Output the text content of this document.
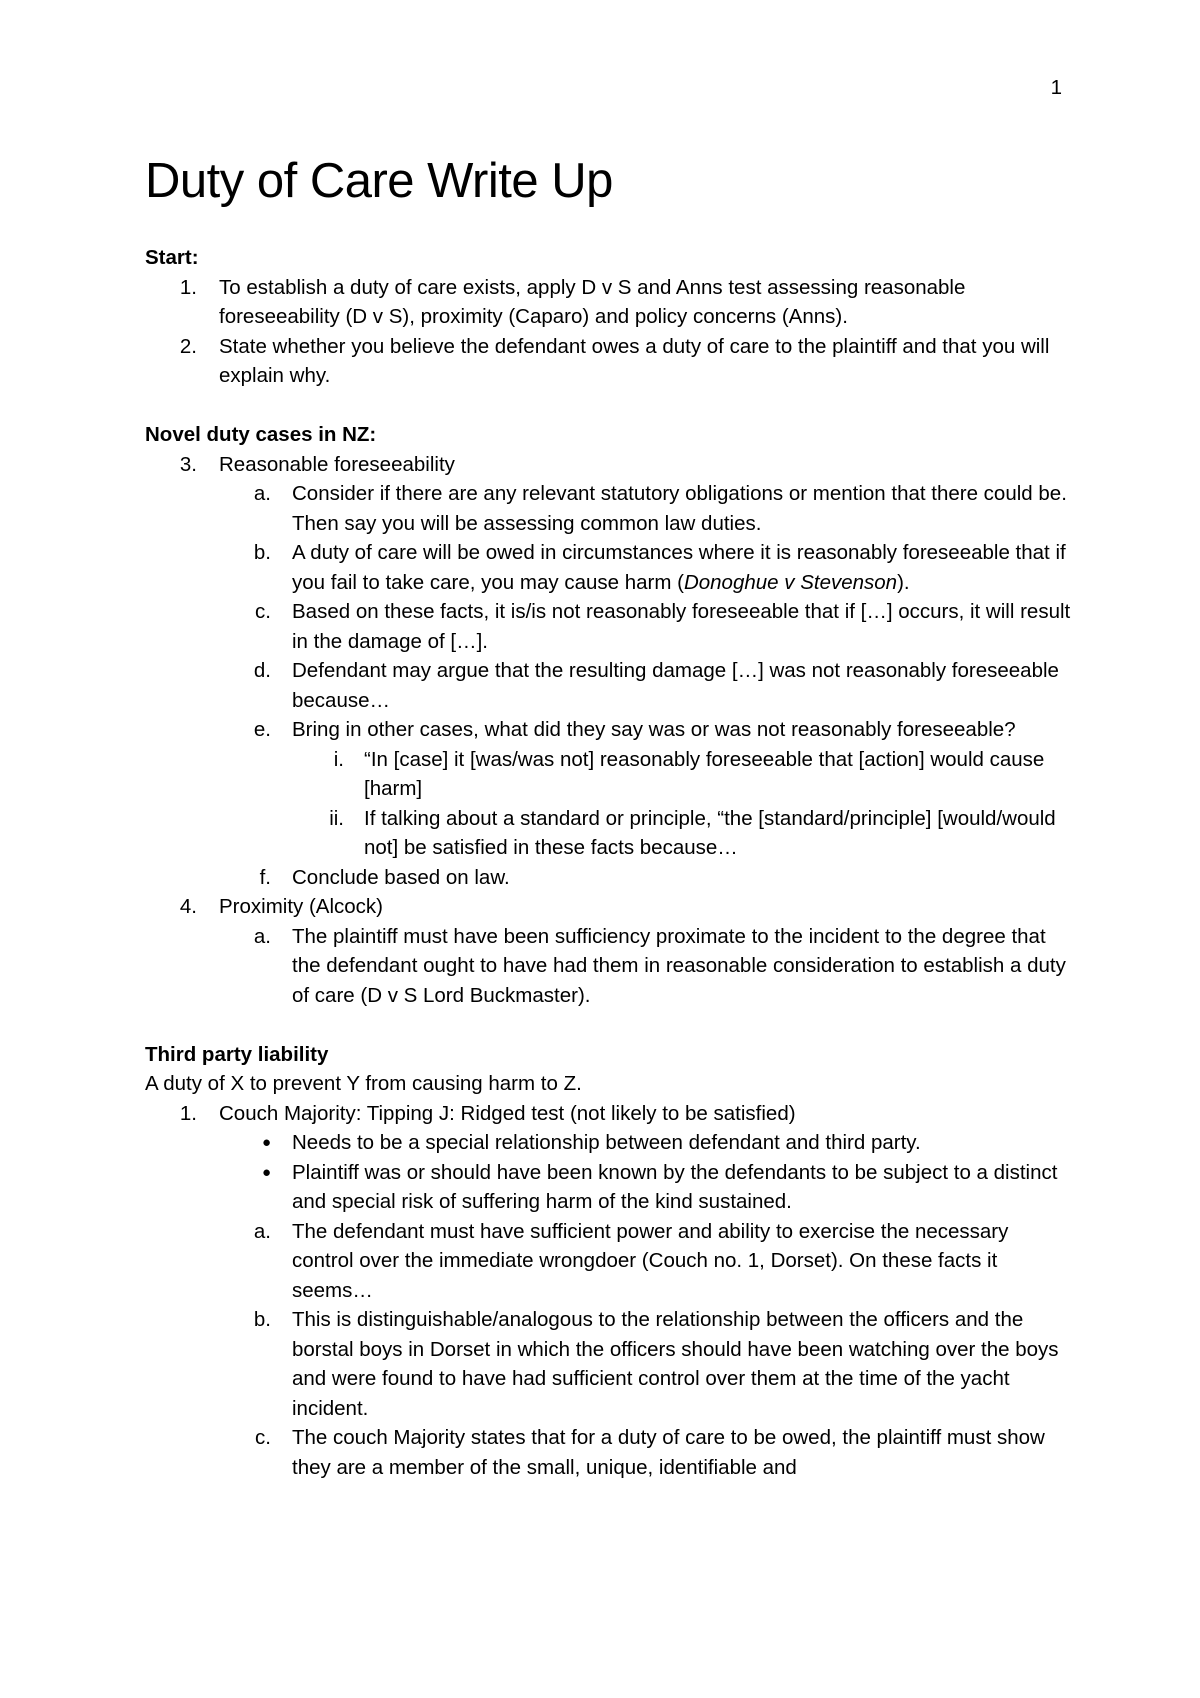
1
Duty of Care Write Up
Start:
1. To establish a duty of care exists, apply D v S and Anns test assessing reasonable foreseeability (D v S), proximity (Caparo) and policy concerns (Anns).
2. State whether you believe the defendant owes a duty of care to the plaintiff and that you will explain why.
Novel duty cases in NZ:
3. Reasonable foreseeability
a. Consider if there are any relevant statutory obligations or mention that there could be. Then say you will be assessing common law duties.
b. A duty of care will be owed in circumstances where it is reasonably foreseeable that if you fail to take care, you may cause harm (Donoghue v Stevenson).
c. Based on these facts, it is/is not reasonably foreseeable that if […] occurs, it will result in the damage of […].
d. Defendant may argue that the resulting damage […] was not reasonably foreseeable because…
e. Bring in other cases, what did they say was or was not reasonably foreseeable?
i. “In [case] it [was/was not] reasonably foreseeable that [action] would cause [harm]
ii. If talking about a standard or principle, “the [standard/principle] [would/would not] be satisfied in these facts because…
f. Conclude based on law.
4. Proximity (Alcock)
a. The plaintiff must have been sufficiency proximate to the incident to the degree that the defendant ought to have had them in reasonable consideration to establish a duty of care (D v S Lord Buckmaster).
Third party liability
A duty of X to prevent Y from causing harm to Z.
1. Couch Majority: Tipping J: Ridged test (not likely to be satisfied)
● Needs to be a special relationship between defendant and third party.
● Plaintiff was or should have been known by the defendants to be subject to a distinct and special risk of suffering harm of the kind sustained.
a. The defendant must have sufficient power and ability to exercise the necessary control over the immediate wrongdoer (Couch no. 1, Dorset). On these facts it seems…
b. This is distinguishable/analogous to the relationship between the officers and the borstal boys in Dorset in which the officers should have been watching over the boys and were found to have had sufficient control over them at the time of the yacht incident.
c. The couch Majority states that for a duty of care to be owed, the plaintiff must show they are a member of the small, unique, identifiable and
